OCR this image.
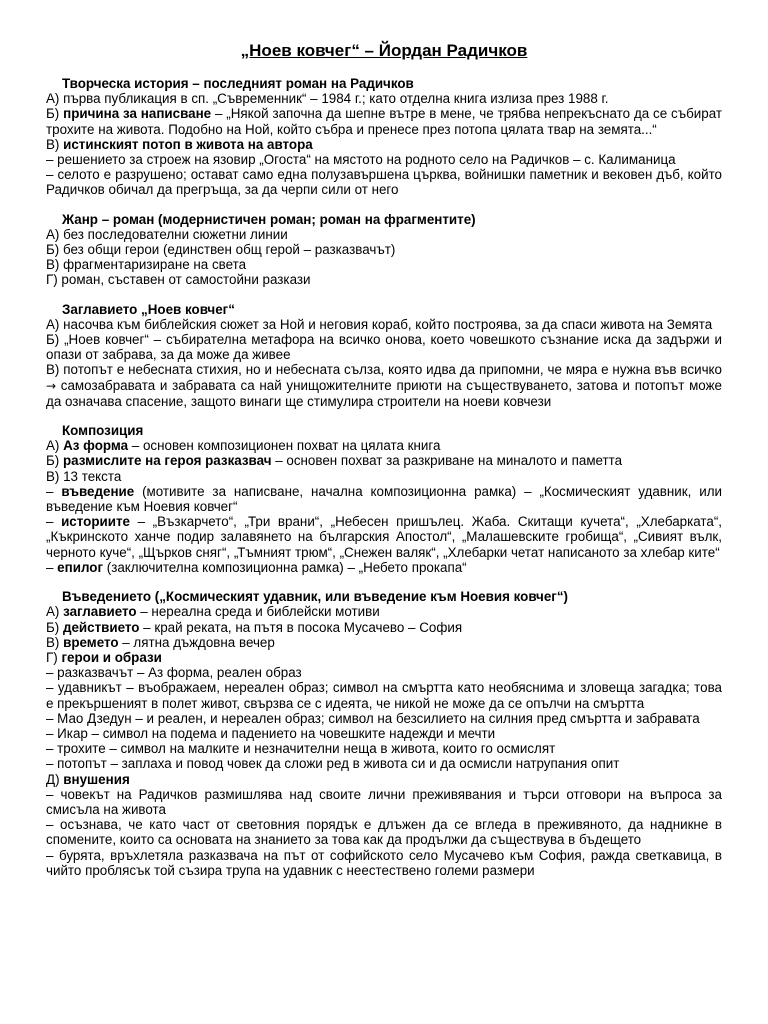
„Ноев ковчег“ – Йордан Радичков
Творческа история – последният роман на Радичков
А) първа публикация в сп. „Съвременник“ – 1984 г.; като отделна книга излиза през 1988 г.
Б) причина за написване – „Някой започна да шепне вътре в мене, че трябва непрекъснато да се събират трохите на живота. Подобно на Ной, който събра и пренесе през потопа цялата твар на земята...“
В) истинският потоп в живота на автора
– решението за строеж на язовир „Огоста“ на мястото на родното село на Радичков – с. Калиманица
– селото е разрушено; остават само една полузавършена църква, войнишки паметник и вековен дъб, който Радичков обичал да прегръща, за да черпи сили от него
Жанр – роман (модернистичен роман; роман на фрагментите)
А) без последователни сюжетни линии
Б) без общи герои (единствен общ герой – разказвачът)
В) фрагментаризиране на света
Г) роман, съставен от самостойни разкази
Заглавието „Ноев ковчег“
А) насочва към библейския сюжет за Ной и неговия кораб, който построява, за да спаси живота на Земята
Б) „Ноев ковчег“ – събирателна метафора на всичко онова, което човешкото съзнание иска да задържи и опази от забрава, за да може да живее
В) потопът е небесната стихия, но и небесната сълза, която идва да припомни, че мяра е нужна във всичко → самозабравата и забравата са най унищожителните приюти на съществуването, затова и потопът може да означава спасение, защото винаги ще стимулира строители на ноеви ковчези
Композиция
А) Аз форма – основен композиционен похват на цялата книга
Б) размислите на героя разказвач – основен похват за разкриване на миналото и паметта
В) 13 текста
– въведение (мотивите за написване, начална композиционна рамка) – „Космическият удавник, или въведение към Ноевия ковчег“
– историите – „Възкарчето“, „Три врани“, „Небесен пришълец. Жаба. Скитащи кучета“, „Хлебарката“, „Къкринското ханче подир залавянето на българския Апостол“, „Малашевските гробища“, „Сивият вълк, черното куче“, „Щърков сняг“, „Тъмният трюм“, „Снежен валяк“, „Хлебарки четат написаното за хлебар ките“
– епилог (заключителна композиционна рамка) – „Небето прокапа“
Въведението („Космическият удавник, или въведение към Ноевия ковчег“)
А) заглавието – нереална среда и библейски мотиви
Б) действието – край реката, на пътя в посока Мусачево – София
В) времето – лятна дъждовна вечер
Г) герои и образи
– разказвачът – Аз форма, реален образ
– удавникът – въображаем, нереален образ; символ на смъртта като необяснима и зловеща загадка; това е прекършеният в полет живот, свързва се с идеята, че никой не може да се опълчи на смъртта
– Мао Дзедун – и реален, и нереален образ; символ на безсилието на силния пред смъртта и забравата
– Икар – символ на подема и падението на човешките надежди и мечти
– трохите – символ на малките и незначителни неща в живота, които го осмислят
– потопът – заплаха и повод човек да сложи ред в живота си и да осмисли натрупания опит
Д) внушения
– човекът на Радичков размишлява над своите лични преживявания и търси отговори на въпроса за смисъла на живота
– осъзнава, че като част от световния порядък е длъжен да се вгледа в преживяното, да надникне в спомените, които са основата на знанието за това как да продължи да съществува в бъдещето
– бурята, връхлетяла разказвача на път от софийското село Мусачево към София, ражда светкавица, в чийто проблясък той съзира трупа на удавник с неестествено големи размери
